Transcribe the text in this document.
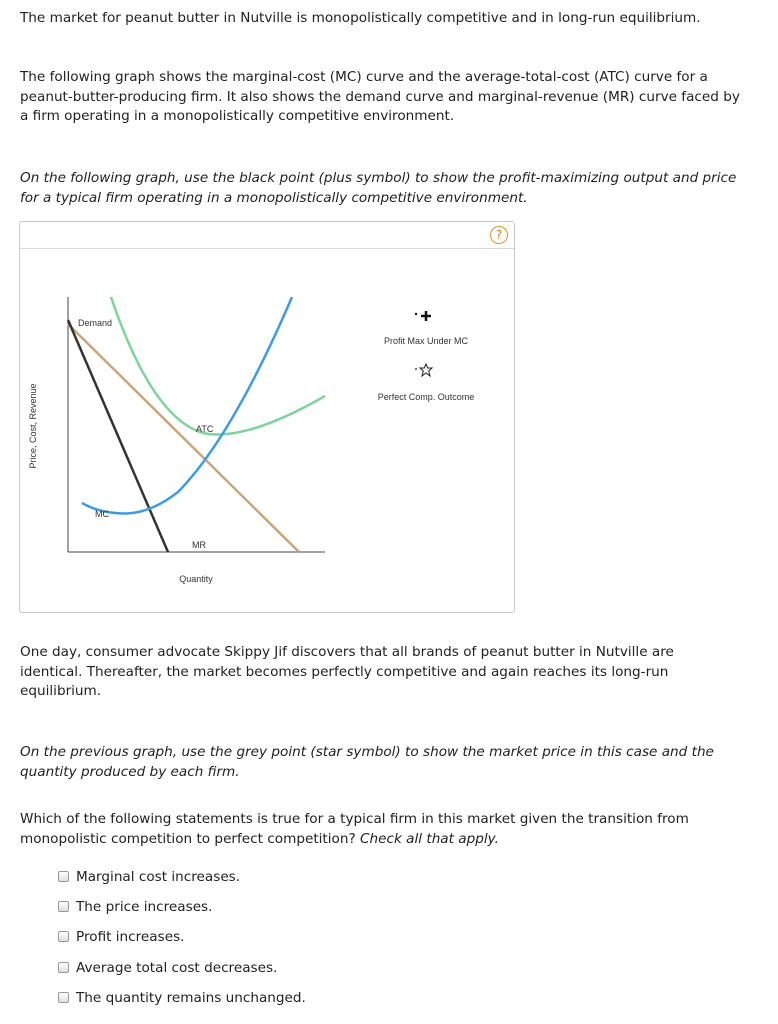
The market for peanut butter in Nutville is monopolistically competitive and in long-run equilibrium.

The following graph shows the marginal-cost (MC) curve and the average-total-cost (ATC) curve for a peanut-butter-producing firm. It also shows the demand curve and marginal-revenue (MR) curve faced by a firm operating in a monopolistically competitive environment.

On the following graph, use the black point (plus symbol) to show the profit-maximizing output and price for a typical firm operating in a monopolistically competitive environment.

?
Price, Cost, Revenue
Quantity
Demand
MR
ATC
MC
Profit Max Under MC
Perfect Comp. Outcome

One day, consumer advocate Skippy Jif discovers that all brands of peanut butter in Nutville are identical. Thereafter, the market becomes perfectly competitive and again reaches its long-run equilibrium.

On the previous graph, use the grey point (star symbol) to show the market price in this case and the quantity produced by each firm.

Which of the following statements is true for a typical firm in this market given the transition from monopolistic competition to perfect competition? Check all that apply.

Marginal cost increases.
The price increases.
Profit increases.
Average total cost decreases.
The quantity remains unchanged.
